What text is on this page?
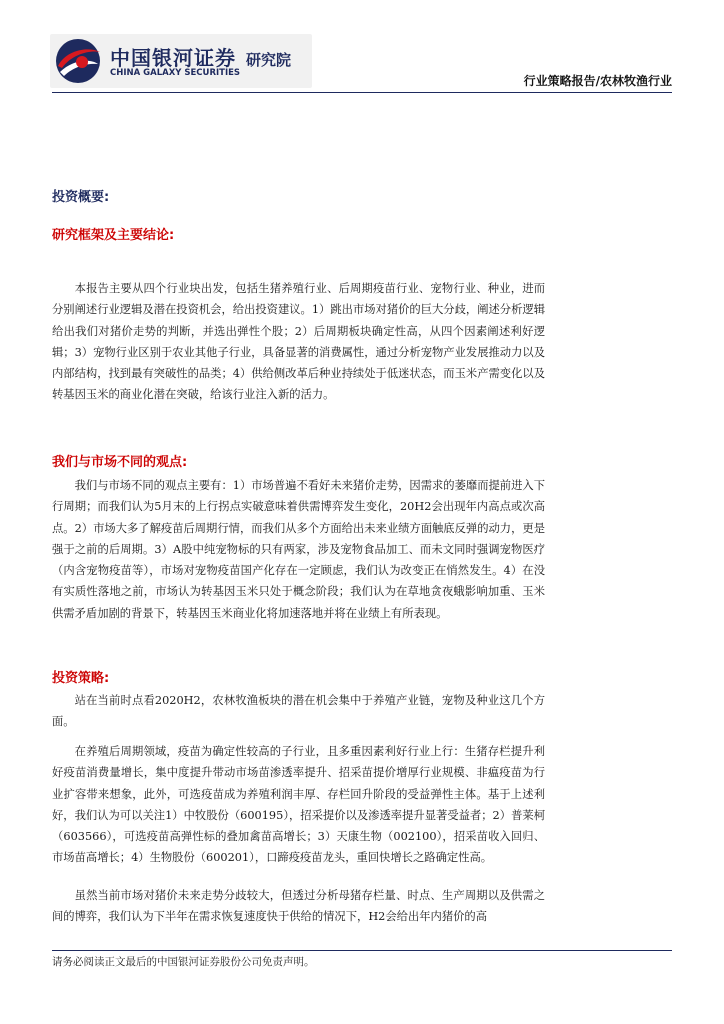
中国银河证券
CHINA GALAXY SECURITIES
研究院
行业策略报告/农林牧渔行业
投资概要:
研究框架及主要结论:

本报告主要从四个行业块出发，包括生猪养殖行业、后周期疫苗行业、宠物行业、种业，进而分别阐述行业逻辑及潜在投资机会，给出投资建议。1）跳出市场对猪价的巨大分歧，阐述分析逻辑给出我们对猪价走势的判断，并选出弹性个股；2）后周期板块确定性高，从四个因素阐述利好逻辑；3）宠物行业区别于农业其他子行业，具备显著的消费属性，通过分析宠物产业发展推动力以及内部结构，找到最有突破性的品类；4）供给侧改革后种业持续处于低迷状态，而玉米产需变化以及转基因玉米的商业化潜在突破，给该行业注入新的活力。

我们与市场不同的观点:

我们与市场不同的观点主要有：1）市场普遍不看好未来猪价走势，因需求的萎靡而提前进入下行周期；而我们认为5月末的上行拐点实破意味着供需博弈发生变化，20H2会出现年内高点或次高点。2）市场大多了解疫苗后周期行情，而我们从多个方面给出未来业绩方面触底反弹的动力，更是强于之前的后周期。3）A股中纯宠物标的只有两家，涉及宠物食品加工、而未文同时强调宠物医疗（内含宠物疫苗等），市场对宠物疫苗国产化存在一定顾虑，我们认为改变正在悄然发生。4）在没有实质性落地之前，市场认为转基因玉米只处于概念阶段；我们认为在草地贪夜蛾影响加重、玉米供需矛盾加剧的背景下，转基因玉米商业化将加速落地并将在业绩上有所表现。

投资策略:

站在当前时点看2020H2，农林牧渔板块的潜在机会集中于养殖产业链，宠物及种业这几个方面。

在养殖后周期领域，疫苗为确定性较高的子行业，且多重因素利好行业上行：生猪存栏提升利好疫苗消费量增长，集中度提升带动市场苗渗透率提升、招采苗提价增厚行业规模、非瘟疫苗为行业扩容带来想象，此外，可选疫苗成为养殖利润丰厚、存栏回升阶段的受益弹性主体。基于上述利好，我们认为可以关注1）中牧股份（600195），招采提价以及渗透率提升显著受益者；2）普莱柯（603566），可选疫苗高弹性标的叠加禽苗高增长；3）天康生物（002100），招采苗收入回归、市场苗高增长；4）生物股份（600201），口蹄疫疫苗龙头，重回快增长之路确定性高。

虽然当前市场对猪价未来走势分歧较大，但透过分析母猪存栏量、时点、生产周期以及供需之间的博弈，我们认为下半年在需求恢复速度快于供给的情况下，H2会给出年内猪价的高

请务必阅读正文最后的中国银河证券股份公司免责声明。
